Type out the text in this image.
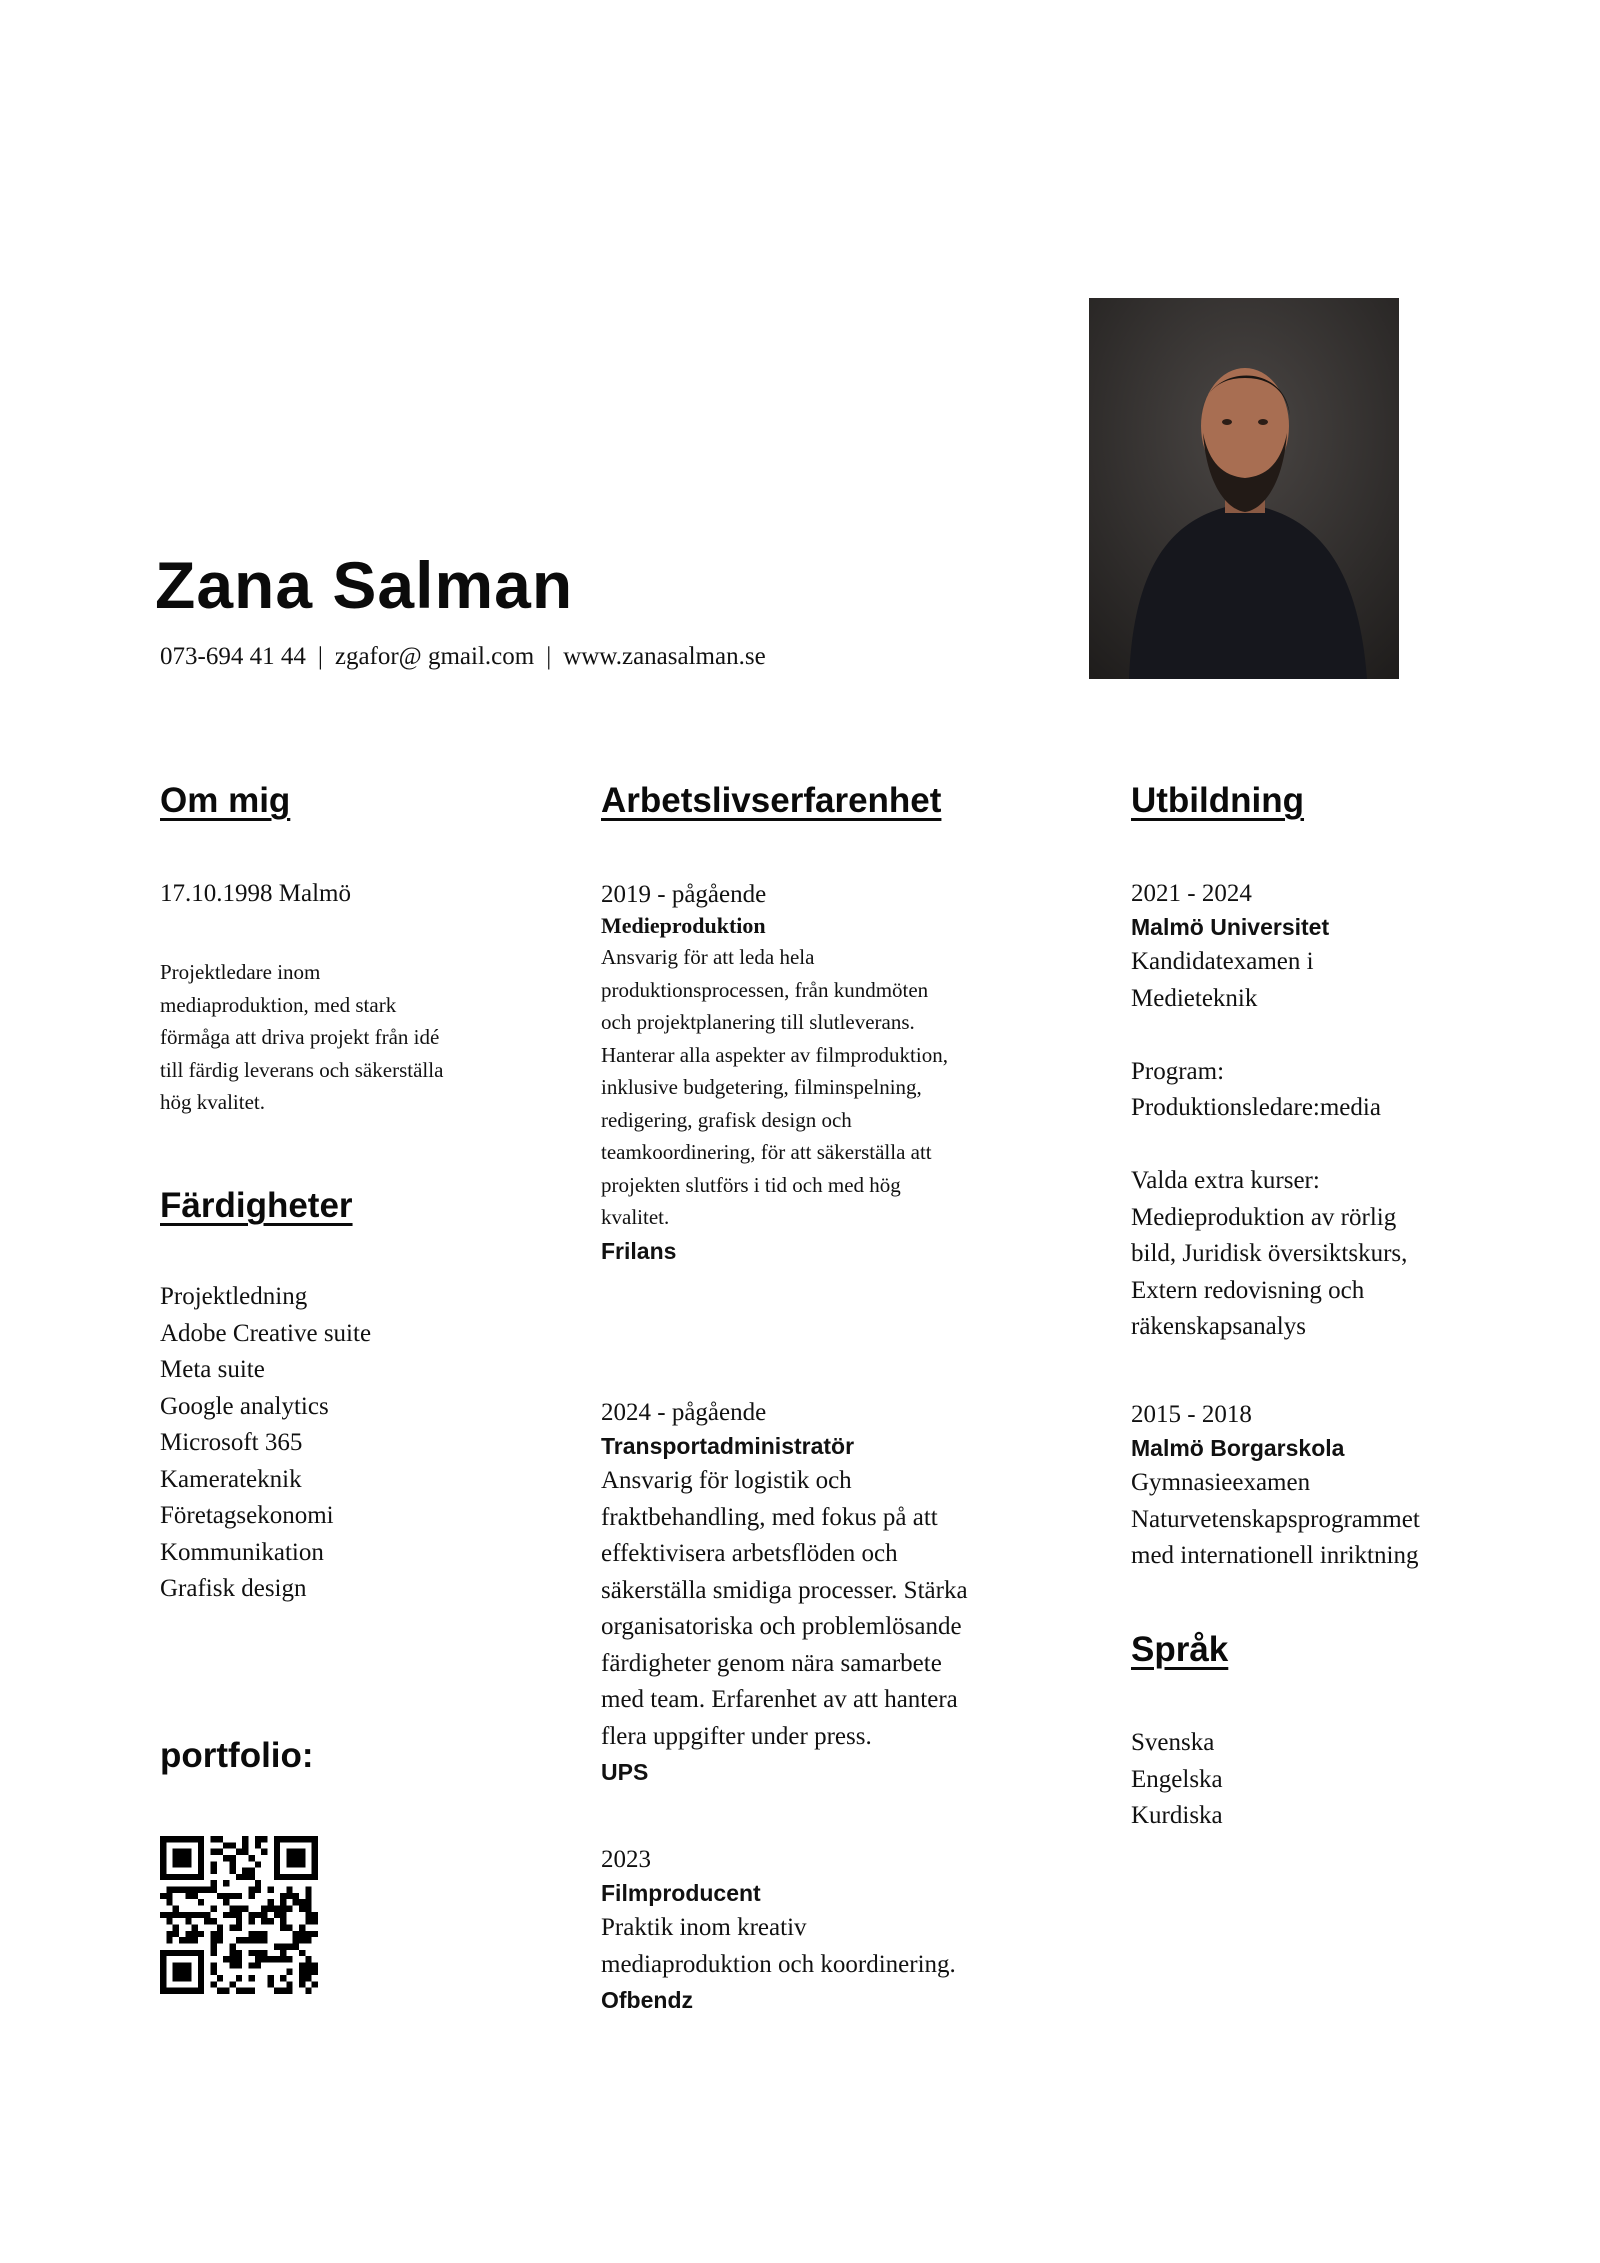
Zana Salman
073-694 41 44 | zgafor@ gmail.com | www.zanasalman.se
Om mig
17.10.1998 Malmö
Projektledare inom
mediaproduktion, med stark
förmåga att driva projekt från idé
till färdig leverans och säkerställa
hög kvalitet.
Färdigheter
Projektledning
Adobe Creative suite
Meta suite
Google analytics
Microsoft 365
Kamerateknik
Företagsekonomi
Kommunikation
Grafisk design
portfolio:
Arbetslivserfarenhet
2019 - pågående
Medieproduktion
Ansvarig för att leda hela
produktionsprocessen, från kundmöten
och projektplanering till slutleverans.
Hanterar alla aspekter av filmproduktion,
inklusive budgetering, filminspelning,
redigering, grafisk design och
teamkoordinering, för att säkerställa att
projekten slutförs i tid och med hög
kvalitet.
Frilans
2024 - pågående
Transportadministratör
Ansvarig för logistik och
fraktbehandling, med fokus på att
effektivisera arbetsflöden och
säkerställa smidiga processer. Stärka
organisatoriska och problemlösande
färdigheter genom nära samarbete
med team. Erfarenhet av att hantera
flera uppgifter under press.
UPS
2023
Filmproducent
Praktik inom kreativ
mediaproduktion och koordinering.
Ofbendz
Utbildning
2021 - 2024
Malmö Universitet
Kandidatexamen i
Medieteknik
Program:
Produktionsledare:media
Valda extra kurser:
Medieproduktion av rörlig
bild, Juridisk översiktskurs,
Extern redovisning och
räkenskapsanalys
2015 - 2018
Malmö Borgarskola
Gymnasieexamen
Naturvetenskapsprogrammet
med internationell inriktning
Språk
Svenska
Engelska
Kurdiska
